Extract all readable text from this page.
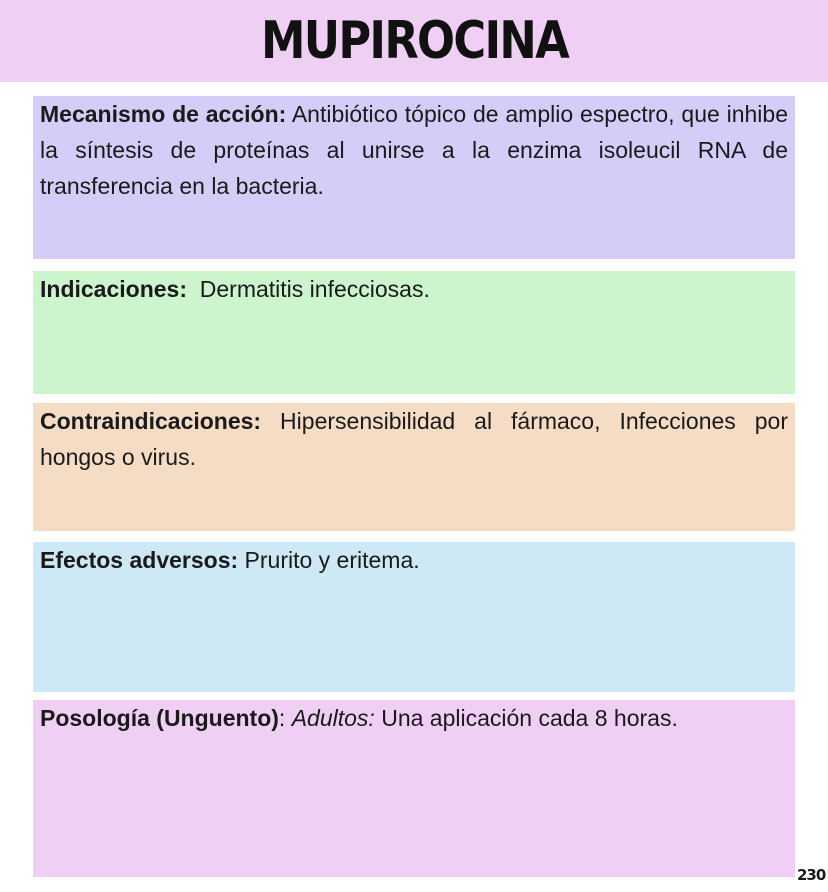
MUPIROCINA
Mecanismo de acción: Antibiótico tópico de amplio espectro, que inhibe la síntesis de proteínas al unirse a la enzima isoleucil RNA de transferencia en la bacteria.
Indicaciones:  Dermatitis infecciosas.
Contraindicaciones: Hipersensibilidad al fármaco, Infecciones por hongos o virus.
Efectos adversos: Prurito y eritema.
Posología (Unguento): Adultos: Una aplicación cada 8 horas.
230
